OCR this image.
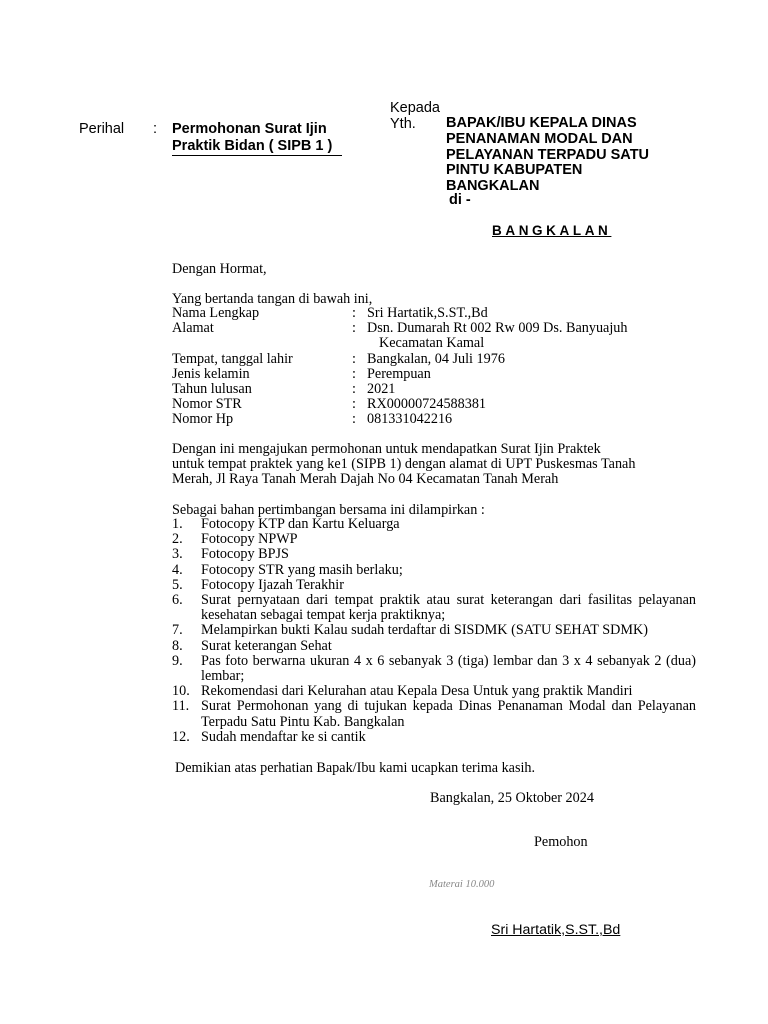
Kepada
Yth. BAPAK/IBU KEPALA DINAS
PENANAMAN MODAL DAN
PELAYANAN TERPADU SATU
PINTU KABUPATEN
BANGKALAN
di -
Perihal : Permohonan Surat Ijin
Praktik Bidan ( SIPB 1 )
BANGKALAN
Dengan Hormat,
Yang bertanda tangan di bawah ini,
Nama Lengkap	: Sri Hartatik,S.ST.,Bd
Alamat	: Dsn. Dumarah Rt 002 Rw 009 Ds. Banyuajuh
Kecamatan Kamal
Tempat, tanggal lahir	: Bangkalan, 04 Juli 1976
Jenis kelamin	: Perempuan
Tahun lulusan	: 2021
Nomor STR	: RX00000724588381
Nomor Hp	: 081331042216
Dengan ini mengajukan permohonan untuk mendapatkan Surat Ijin Praktek
untuk tempat praktek yang ke1 (SIPB 1) dengan alamat di UPT Puskesmas Tanah
Merah, Jl Raya Tanah Merah Dajah No 04 Kecamatan Tanah Merah
Sebagai bahan pertimbangan bersama ini dilampirkan :
1.	Fotocopy KTP dan Kartu Keluarga
2.	Fotocopy NPWP
3.	Fotocopy BPJS
4.	Fotocopy STR yang masih berlaku;
5.	Fotocopy Ijazah Terakhir
6.	Surat pernyataan dari tempat praktik atau surat keterangan dari fasilitas pelayanan kesehatan sebagai tempat kerja praktiknya;
7.	Melampirkan bukti Kalau sudah terdaftar di SISDMK (SATU SEHAT SDMK)
8.	Surat keterangan Sehat
9.	Pas foto berwarna ukuran 4 x 6 sebanyak 3 (tiga) lembar dan 3 x 4 sebanyak 2 (dua) lembar;
10. Rekomendasi dari Kelurahan atau Kepala Desa Untuk yang praktik Mandiri
11. Surat Permohonan yang di tujukan kepada Dinas Penanaman Modal dan Pelayanan Terpadu Satu Pintu Kab. Bangkalan
12. Sudah mendaftar ke si cantik
Demikian atas perhatian Bapak/Ibu kami ucapkan terima kasih.
Bangkalan, 25 Oktober 2024
Pemohon
Materai 10.000
Sri Hartatik,S.ST.,Bd
